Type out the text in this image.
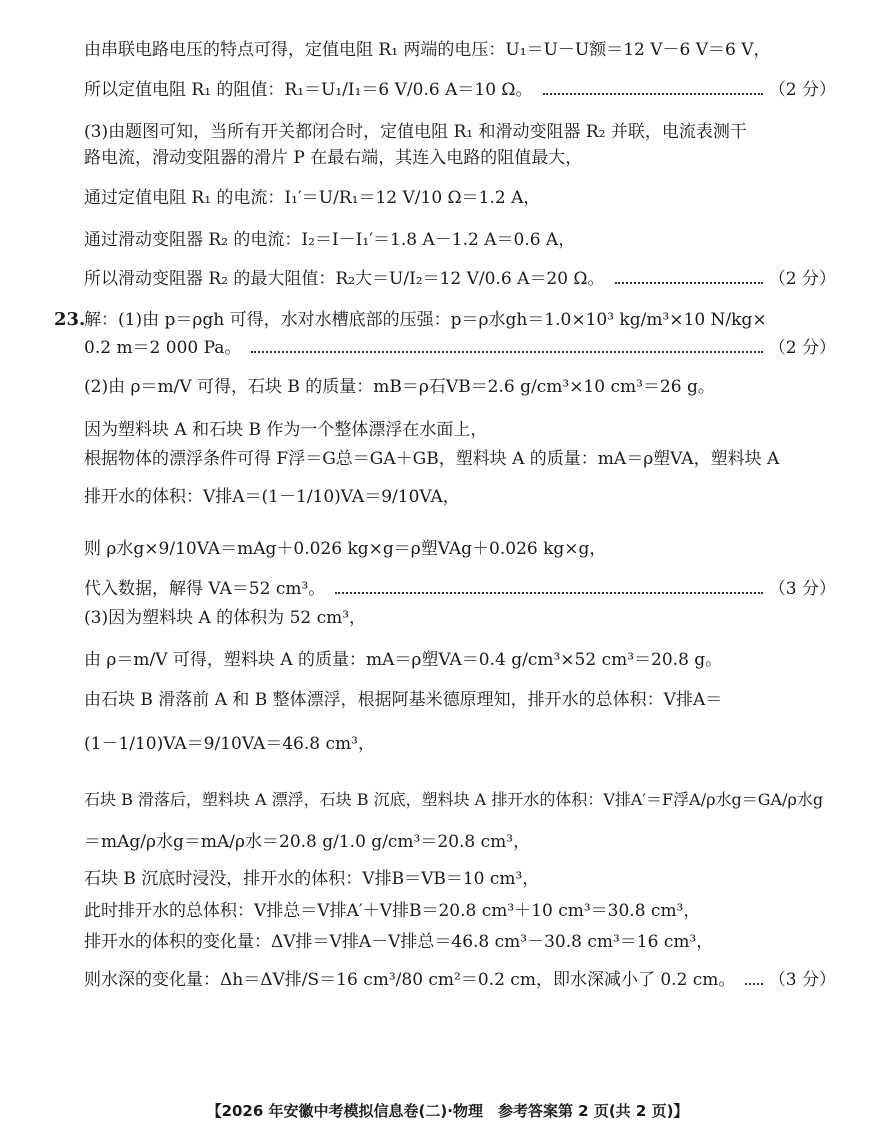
由串联电路电压的特点可得，定值电阻 R₁ 两端的电压：U₁＝U－U额＝12 V－6 V＝6 V，
所以定值电阻 R₁ 的阻值：R₁＝U₁/I₁＝6 V/0.6 A＝10 Ω。	（2 分）
(3)由题图可知，当所有开关都闭合时，定值电阻 R₁ 和滑动变阻器 R₂ 并联，电流表测干
路电流，滑动变阻器的滑片 P 在最右端，其连入电路的阻值最大，
通过定值电阻 R₁ 的电流：I₁′＝U/R₁＝12 V/10 Ω＝1.2 A，
通过滑动变阻器 R₂ 的电流：I₂＝I－I₁′＝1.8 A－1.2 A＝0.6 A，
所以滑动变阻器 R₂ 的最大阻值：R₂大＝U/I₂＝12 V/0.6 A＝20 Ω。	（2 分）
23.
解：(1)由 p＝ρgh 可得，水对水槽底部的压强：p＝ρ水gh＝1.0×10³ kg/m³×10 N/kg×
0.2 m＝2 000 Pa。	（2 分）
(2)由 ρ＝m/V 可得，石块 B 的质量：mB＝ρ石VB＝2.6 g/cm³×10 cm³＝26 g。
因为塑料块 A 和石块 B 作为一个整体漂浮在水面上，
根据物体的漂浮条件可得 F浮＝G总＝GA＋GB，塑料块 A 的质量：mA＝ρ塑VA，塑料块 A
排开水的体积：V排A＝(1－1/10)VA＝9/10VA，
则 ρ水g×9/10VA＝mAg＋0.026 kg×g＝ρ塑VAg＋0.026 kg×g，
代入数据，解得 VA＝52 cm³。	（3 分）
(3)因为塑料块 A 的体积为 52 cm³，
由 ρ＝m/V 可得，塑料块 A 的质量：mA＝ρ塑VA＝0.4 g/cm³×52 cm³＝20.8 g。
由石块 B 滑落前 A 和 B 整体漂浮，根据阿基米德原理知，排开水的总体积：V排A＝
(1－1/10)VA＝9/10VA＝46.8 cm³，
石块 B 滑落后，塑料块 A 漂浮，石块 B 沉底，塑料块 A 排开水的体积：V排A′＝F浮A/ρ水g＝GA/ρ水g
＝mAg/ρ水g＝mA/ρ水＝20.8 g/1.0 g/cm³＝20.8 cm³，
石块 B 沉底时浸没，排开水的体积：V排B＝VB＝10 cm³，
此时排开水的总体积：V排总＝V排A′＋V排B＝20.8 cm³＋10 cm³＝30.8 cm³，
排开水的体积的变化量：ΔV排＝V排A－V排总＝46.8 cm³－30.8 cm³＝16 cm³，
则水深的变化量：Δh＝ΔV排/S＝16 cm³/80 cm²＝0.2 cm，即水深减小了 0.2 cm。 （3 分）
【2026 年安徽中考模拟信息卷(二)·物理　参考答案第 2 页(共 2 页)】
